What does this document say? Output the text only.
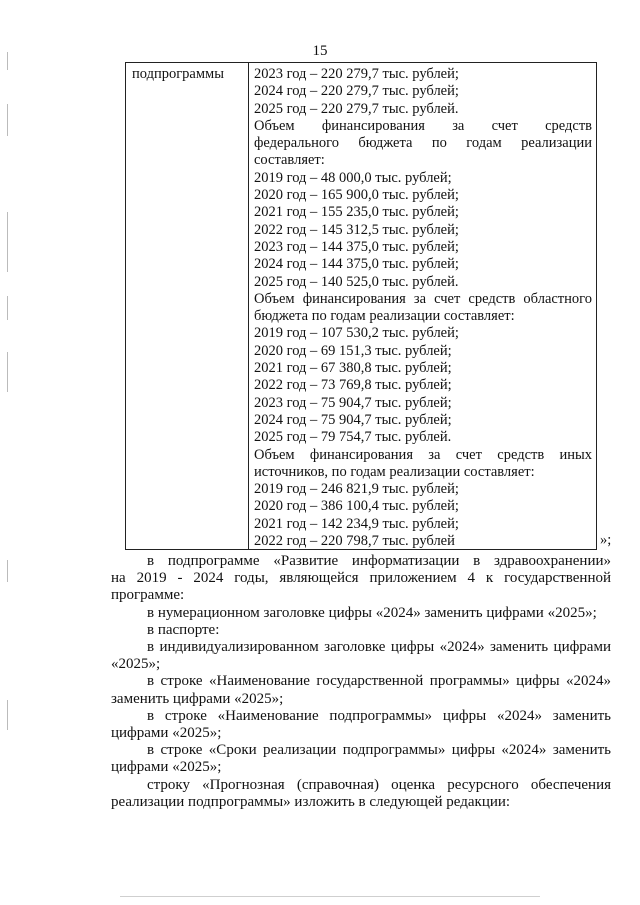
15
подпрограммы 2023 год – 220 279,7 тыс. рублей;
2024 год – 220 279,7 тыс. рублей;
2025 год – 220 279,7 тыс. рублей.
Объем финансирования за счет средств
федерального бюджета по годам реализации
составляет:
2019 год – 48 000,0 тыс. рублей;
2020 год – 165 900,0 тыс. рублей;
2021 год – 155 235,0 тыс. рублей;
2022 год – 145 312,5 тыс. рублей;
2023 год – 144 375,0 тыс. рублей;
2024 год – 144 375,0 тыс. рублей;
2025 год – 140 525,0 тыс. рублей.
Объем финансирования за счет средств областного
бюджета по годам реализации составляет:
2019 год – 107 530,2 тыс. рублей;
2020 год – 69 151,3 тыс. рублей;
2021 год – 67 380,8 тыс. рублей;
2022 год – 73 769,8 тыс. рублей;
2023 год – 75 904,7 тыс. рублей;
2024 год – 75 904,7 тыс. рублей;
2025 год – 79 754,7 тыс. рублей.
Объем финансирования за счет средств иных
источников, по годам реализации составляет:
2019 год – 246 821,9 тыс. рублей;
2020 год – 386 100,4 тыс. рублей;
2021 год – 142 234,9 тыс. рублей;
2022 год – 220 798,7 тыс. рублей	»;

в подпрограмме «Развитие информатизации в здравоохранении»
на 2019 - 2024 годы, являющейся приложением 4 к государственной
программе:

в нумерационном заголовке цифры «2024» заменить цифрами «2025»;

в паспорте:

в индивидуализированном заголовке цифры «2024» заменить цифрами
«2025»;

в строке «Наименование государственной программы» цифры «2024»
заменить цифрами «2025»;

в строке «Наименование подпрограммы» цифры «2024» заменить
цифрами «2025»;

в строке «Сроки реализации подпрограммы» цифры «2024» заменить
цифрами «2025»;

строку «Прогнозная (справочная) оценка ресурсного обеспечения
реализации подпрограммы» изложить в следующей редакции:
